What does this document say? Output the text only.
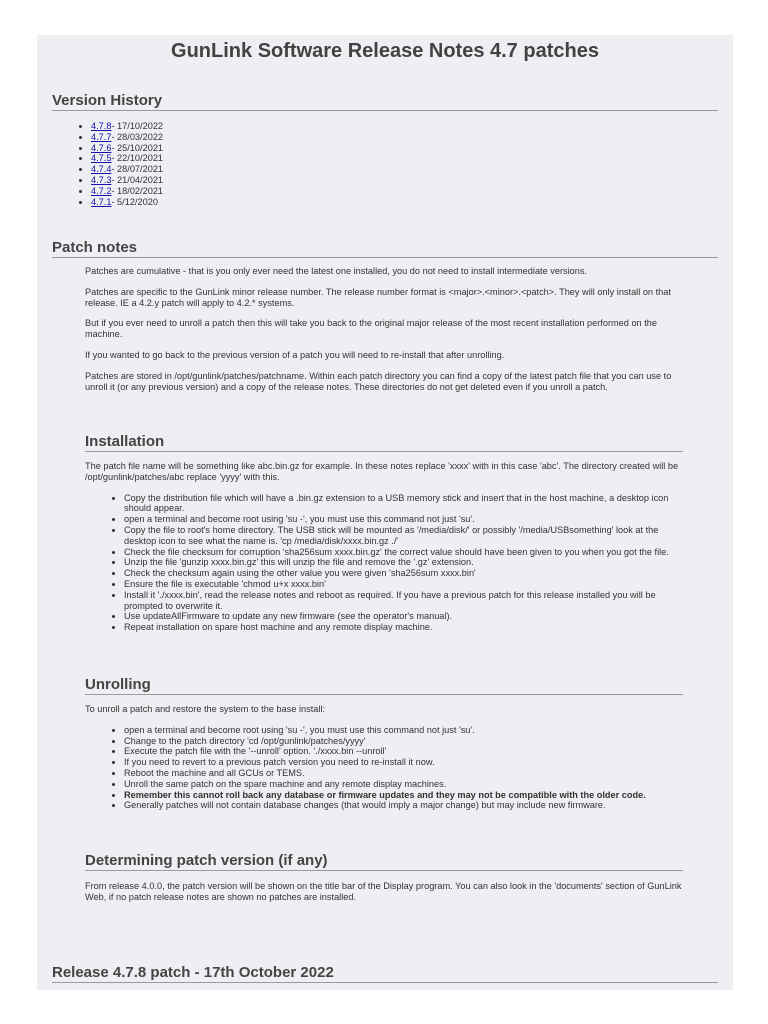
GunLink Software Release Notes 4.7 patches
Version History
• 4.7.8- 17/10/2022
• 4.7.7- 28/03/2022
• 4.7.6- 25/10/2021
• 4.7.5- 22/10/2021
• 4.7.4- 28/07/2021
• 4.7.3- 21/04/2021
• 4.7.2- 18/02/2021
• 4.7.1- 5/12/2020
Patch notes

Patches are cumulative - that is you only ever need the latest one installed, you do not need to install intermediate versions.

Patches are specific to the GunLink minor release number. The release number format is <major>.<minor>.<patch>. They will only install on that release. IE a 4.2.y patch will apply to 4.2.* systems.

But if you ever need to unroll a patch then this will take you back to the original major release of the most recent installation performed on the machine.

If you wanted to go back to the previous version of a patch you will need to re-install that after unrolling.

Patches are stored in /opt/gunlink/patches/patchname. Within each patch directory you can find a copy of the latest patch file that you can use to unroll it (or any previous version) and a copy of the release notes. These directories do not get deleted even if you unroll a patch.

Installation

The patch file name will be something like abc.bin.gz for example. In these notes replace 'xxxx' with in this case 'abc'. The directory created will be /opt/gunlink/patches/abc replace 'yyyy' with this.

• Copy the distribution file which will have a .bin.gz extension to a USB memory stick and insert that in the host machine, a desktop icon should appear.
• open a terminal and become root using 'su -', you must use this command not just 'su'.
• Copy the file to root's home directory. The USB stick will be mounted as '/media/disk/' or possibly '/media/USBsomething' look at the desktop icon to see what the name is. 'cp /media/disk/xxxx.bin.gz ./'
• Check the file checksum for corruption 'sha256sum xxxx.bin.gz' the correct value should have been given to you when you got the file.
• Unzip the file 'gunzip xxxx.bin.gz' this will unzip the file and remove the '.gz' extension.
• Check the checksum again using the other value you were given 'sha256sum xxxx.bin'
• Ensure the file is executable 'chmod u+x xxxx.bin'
• Install it './xxxx.bin', read the release notes and reboot as required. If you have a previous patch for this release installed you will be prompted to overwrite it.
• Use updateAllFirmware to update any new firmware (see the operator's manual).
• Repeat installation on spare host machine and any remote display machine.
Unrolling

To unroll a patch and restore the system to the base install:

• open a terminal and become root using 'su -', you must use this command not just 'su'.
• Change to the patch directory 'cd /opt/gunlink/patches/yyyy'
• Execute the patch file with the '--unroll' option. './xxxx.bin --unroll'
• If you need to revert to a previous patch version you need to re-install it now.
• Reboot the machine and all GCUs or TEMS.
• Unroll the same patch on the spare machine and any remote display machines.
• Remember this cannot roll back any database or firmware updates and they may not be compatible with the older code.
• Generally patches will not contain database changes (that would imply a major change) but may include new firmware.
Determining patch version (if any)

From release 4.0.0, the patch version will be shown on the title bar of the Display program. You can also look in the 'documents' section of GunLink Web, if no patch release notes are shown no patches are installed.

Release 4.7.8 patch - 17th October 2022
